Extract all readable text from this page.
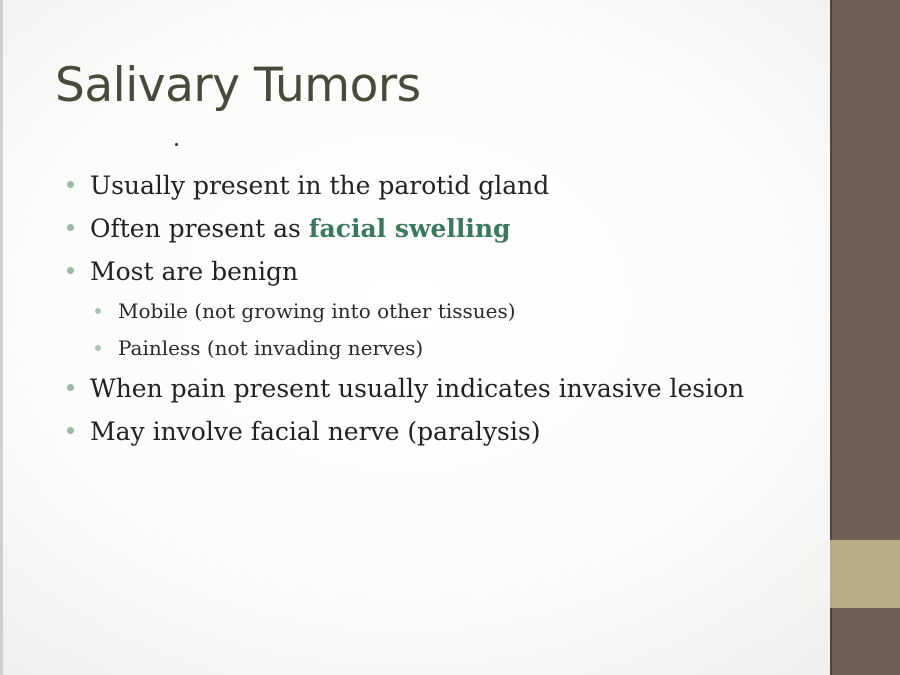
Salivary Tumors
Usually present in the parotid gland
Often present as facial swelling
Most are benign
Mobile (not growing into other tissues)
Painless (not invading nerves)
When pain present usually indicates invasive lesion
May involve facial nerve (paralysis)
